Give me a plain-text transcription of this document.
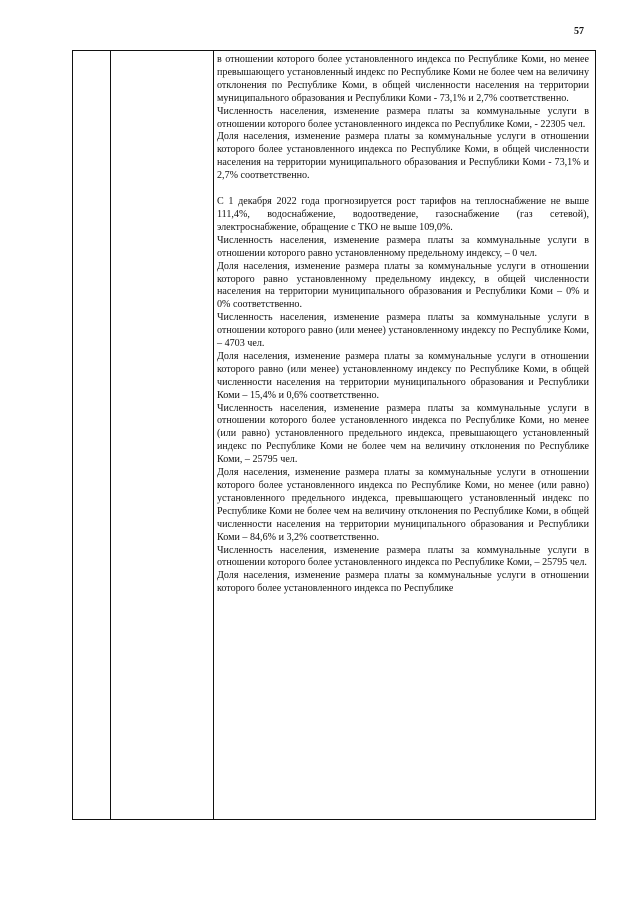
57

в отношении которого более установленного индекса по Республике Коми, но менее превышающего установленный индекс по Республике Коми не более чем на величину отклонения по Республике Коми, в общей численности населения на территории муниципального образования и Республики Коми - 73,1% и 2,7% соответственно.

Численность населения, изменение размера платы за коммунальные услуги в отношении которого более установленного индекса по Республике Коми, - 22305 чел.

Доля населения, изменение размера платы за коммунальные услуги в отношении которого более установленного индекса по Республике Коми, в общей численности населения на территории муниципального образования и Республики Коми - 73,1% и 2,7% соответственно.

С 1 декабря 2022 года прогнозируется рост тарифов на теплоснабжение не выше 111,4%, водоснабжение, водоотведение, газоснабжение (газ сетевой), электроснабжение, обращение с ТКО не выше 109,0%.

Численность населения, изменение размера платы за коммунальные услуги в отношении которого равно установленному предельному индексу, – 0 чел.

Доля населения, изменение размера платы за коммунальные услуги в отношении которого равно установленному предельному индексу, в общей численности населения на территории муниципального образования и Республики Коми – 0% и 0% соответственно.

Численность населения, изменение размера платы за коммунальные услуги в отношении которого равно (или менее) установленному индексу по Республике Коми, – 4703 чел.

Доля населения, изменение размера платы за коммунальные услуги в отношении которого равно (или менее) установленному индексу по Республике Коми, в общей численности населения на территории муниципального образования и Республики Коми – 15,4% и 0,6% соответственно.

Численность населения, изменение размера платы за коммунальные услуги в отношении которого более установленного индекса по Республике Коми, но менее (или равно) установленного предельного индекса, превышающего установленный индекс по Республике Коми не более чем на величину отклонения по Республике Коми, – 25795 чел.

Доля населения, изменение размера платы за коммунальные услуги в отношении которого более установленного индекса по Республике Коми, но менее (или равно) установленного предельного индекса, превышающего установленный индекс по Республике Коми не более чем на величину отклонения по Республике Коми, в общей численности населения на территории муниципального образования и Республики Коми – 84,6% и 3,2% соответственно.

Численность населения, изменение размера платы за коммунальные услуги в отношении которого более установленного индекса по Республике Коми, – 25795 чел.

Доля населения, изменение размера платы за коммунальные услуги в отношении которого более установленного индекса по Республике
